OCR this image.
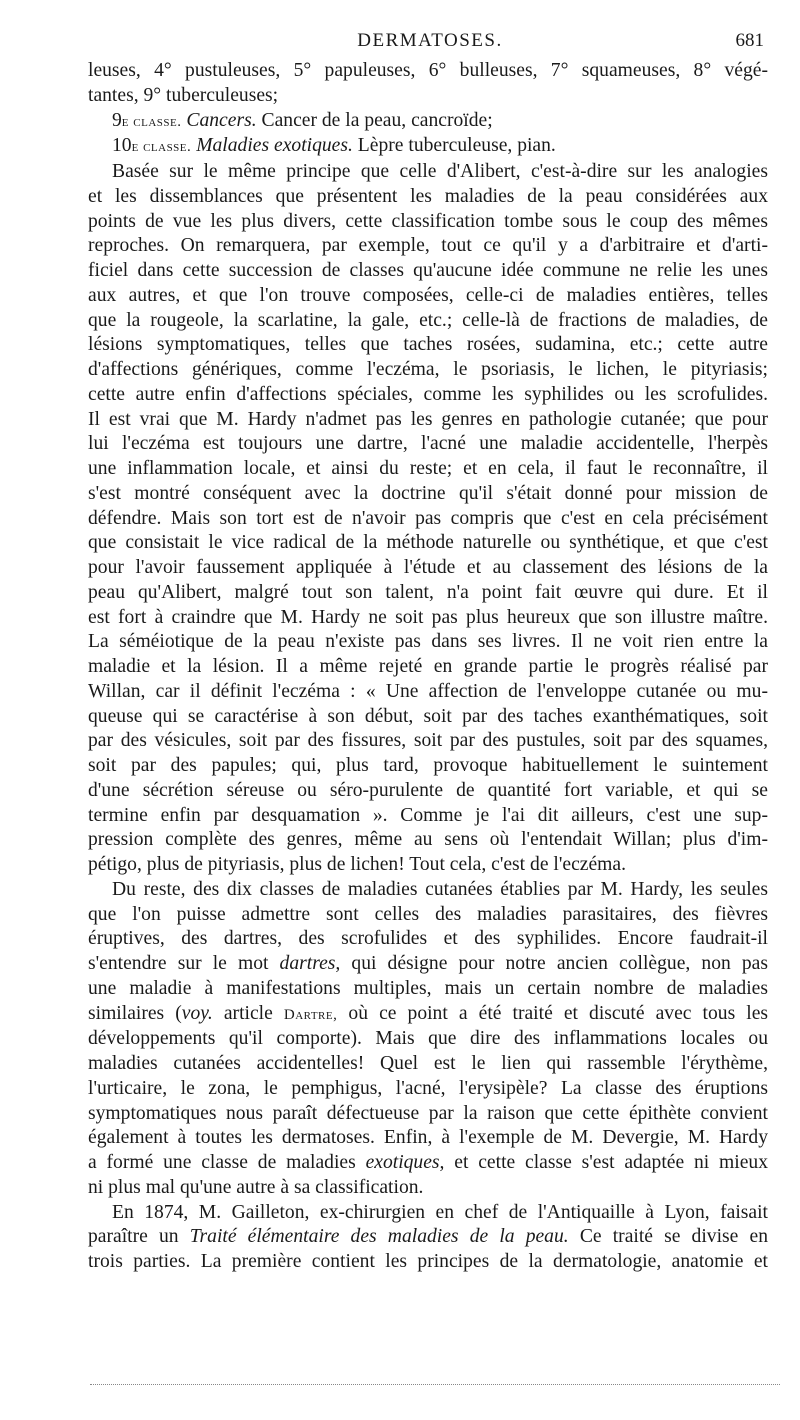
DERMATOSES.	681
leuses, 4° pustuleuses, 5° papuleuses, 6° bulleuses, 7° squameuses, 8° végé-
tantes, 9° tuberculeuses;
9e classe. Cancers. Cancer de la peau, cancroïde;
10e classe. Maladies exotiques. Lèpre tuberculeuse, pian.
Basée sur le même principe que celle d'Alibert, c'est-à-dire sur les analogies
et les dissemblances que présentent les maladies de la peau considérées aux
points de vue les plus divers, cette classification tombe sous le coup des mêmes
reproches. On remarquera, par exemple, tout ce qu'il y a d'arbitraire et d'arti-
ficiel dans cette succession de classes qu'aucune idée commune ne relie les unes
aux autres, et que l'on trouve composées, celle-ci de maladies entières, telles
que la rougeole, la scarlatine, la gale, etc.; celle-là de fractions de maladies, de
lésions symptomatiques, telles que taches rosées, sudamina, etc.; cette autre
d'affections génériques, comme l'eczéma, le psoriasis, le lichen, le pityriasis;
cette autre enfin d'affections spéciales, comme les syphilides ou les scrofulides.
Il est vrai que M. Hardy n'admet pas les genres en pathologie cutanée; que pour
lui l'eczéma est toujours une dartre, l'acné une maladie accidentelle, l'herpès
une inflammation locale, et ainsi du reste; et en cela, il faut le reconnaître, il
s'est montré conséquent avec la doctrine qu'il s'était donné pour mission de
défendre. Mais son tort est de n'avoir pas compris que c'est en cela précisément
que consistait le vice radical de la méthode naturelle ou synthétique, et que c'est
pour l'avoir faussement appliquée à l'étude et au classement des lésions de la
peau qu'Alibert, malgré tout son talent, n'a point fait œuvre qui dure. Et il
est fort à craindre que M. Hardy ne soit pas plus heureux que son illustre maître.
La séméiotique de la peau n'existe pas dans ses livres. Il ne voit rien entre la
maladie et la lésion. Il a même rejeté en grande partie le progrès réalisé par
Willan, car il définit l'eczéma : « Une affection de l'enveloppe cutanée ou mu-
queuse qui se caractérise à son début, soit par des taches exanthématiques, soit
par des vésicules, soit par des fissures, soit par des pustules, soit par des squames,
soit par des papules; qui, plus tard, provoque habituellement le suintement
d'une sécrétion séreuse ou séro-purulente de quantité fort variable, et qui se
termine enfin par desquamation ». Comme je l'ai dit ailleurs, c'est une sup-
pression complète des genres, même au sens où l'entendait Willan; plus d'im-
pétigo, plus de pityriasis, plus de lichen! Tout cela, c'est de l'eczéma.
Du reste, des dix classes de maladies cutanées établies par M. Hardy, les seules
que l'on puisse admettre sont celles des maladies parasitaires, des fièvres
éruptives, des dartres, des scrofulides et des syphilides. Encore faudrait-il
s'entendre sur le mot dartres, qui désigne pour notre ancien collègue, non pas
une maladie à manifestations multiples, mais un certain nombre de maladies
similaires (voy. article Dartre, où ce point a été traité et discuté avec tous les
développements qu'il comporte). Mais que dire des inflammations locales ou
maladies cutanées accidentelles! Quel est le lien qui rassemble l'érythème,
l'urticaire, le zona, le pemphigus, l'acné, l'erysipèle? La classe des éruptions
symptomatiques nous paraît défectueuse par la raison que cette épithète convient
également à toutes les dermatoses. Enfin, à l'exemple de M. Devergie, M. Hardy
a formé une classe de maladies exotiques, et cette classe s'est adaptée ni mieux
ni plus mal qu'une autre à sa classification.
En 1874, M. Gailleton, ex-chirurgien en chef de l'Antiquaille à Lyon, faisait
paraître un Traité élémentaire des maladies de la peau. Ce traité se divise en
trois parties. La première contient les principes de la dermatologie, anatomie et
